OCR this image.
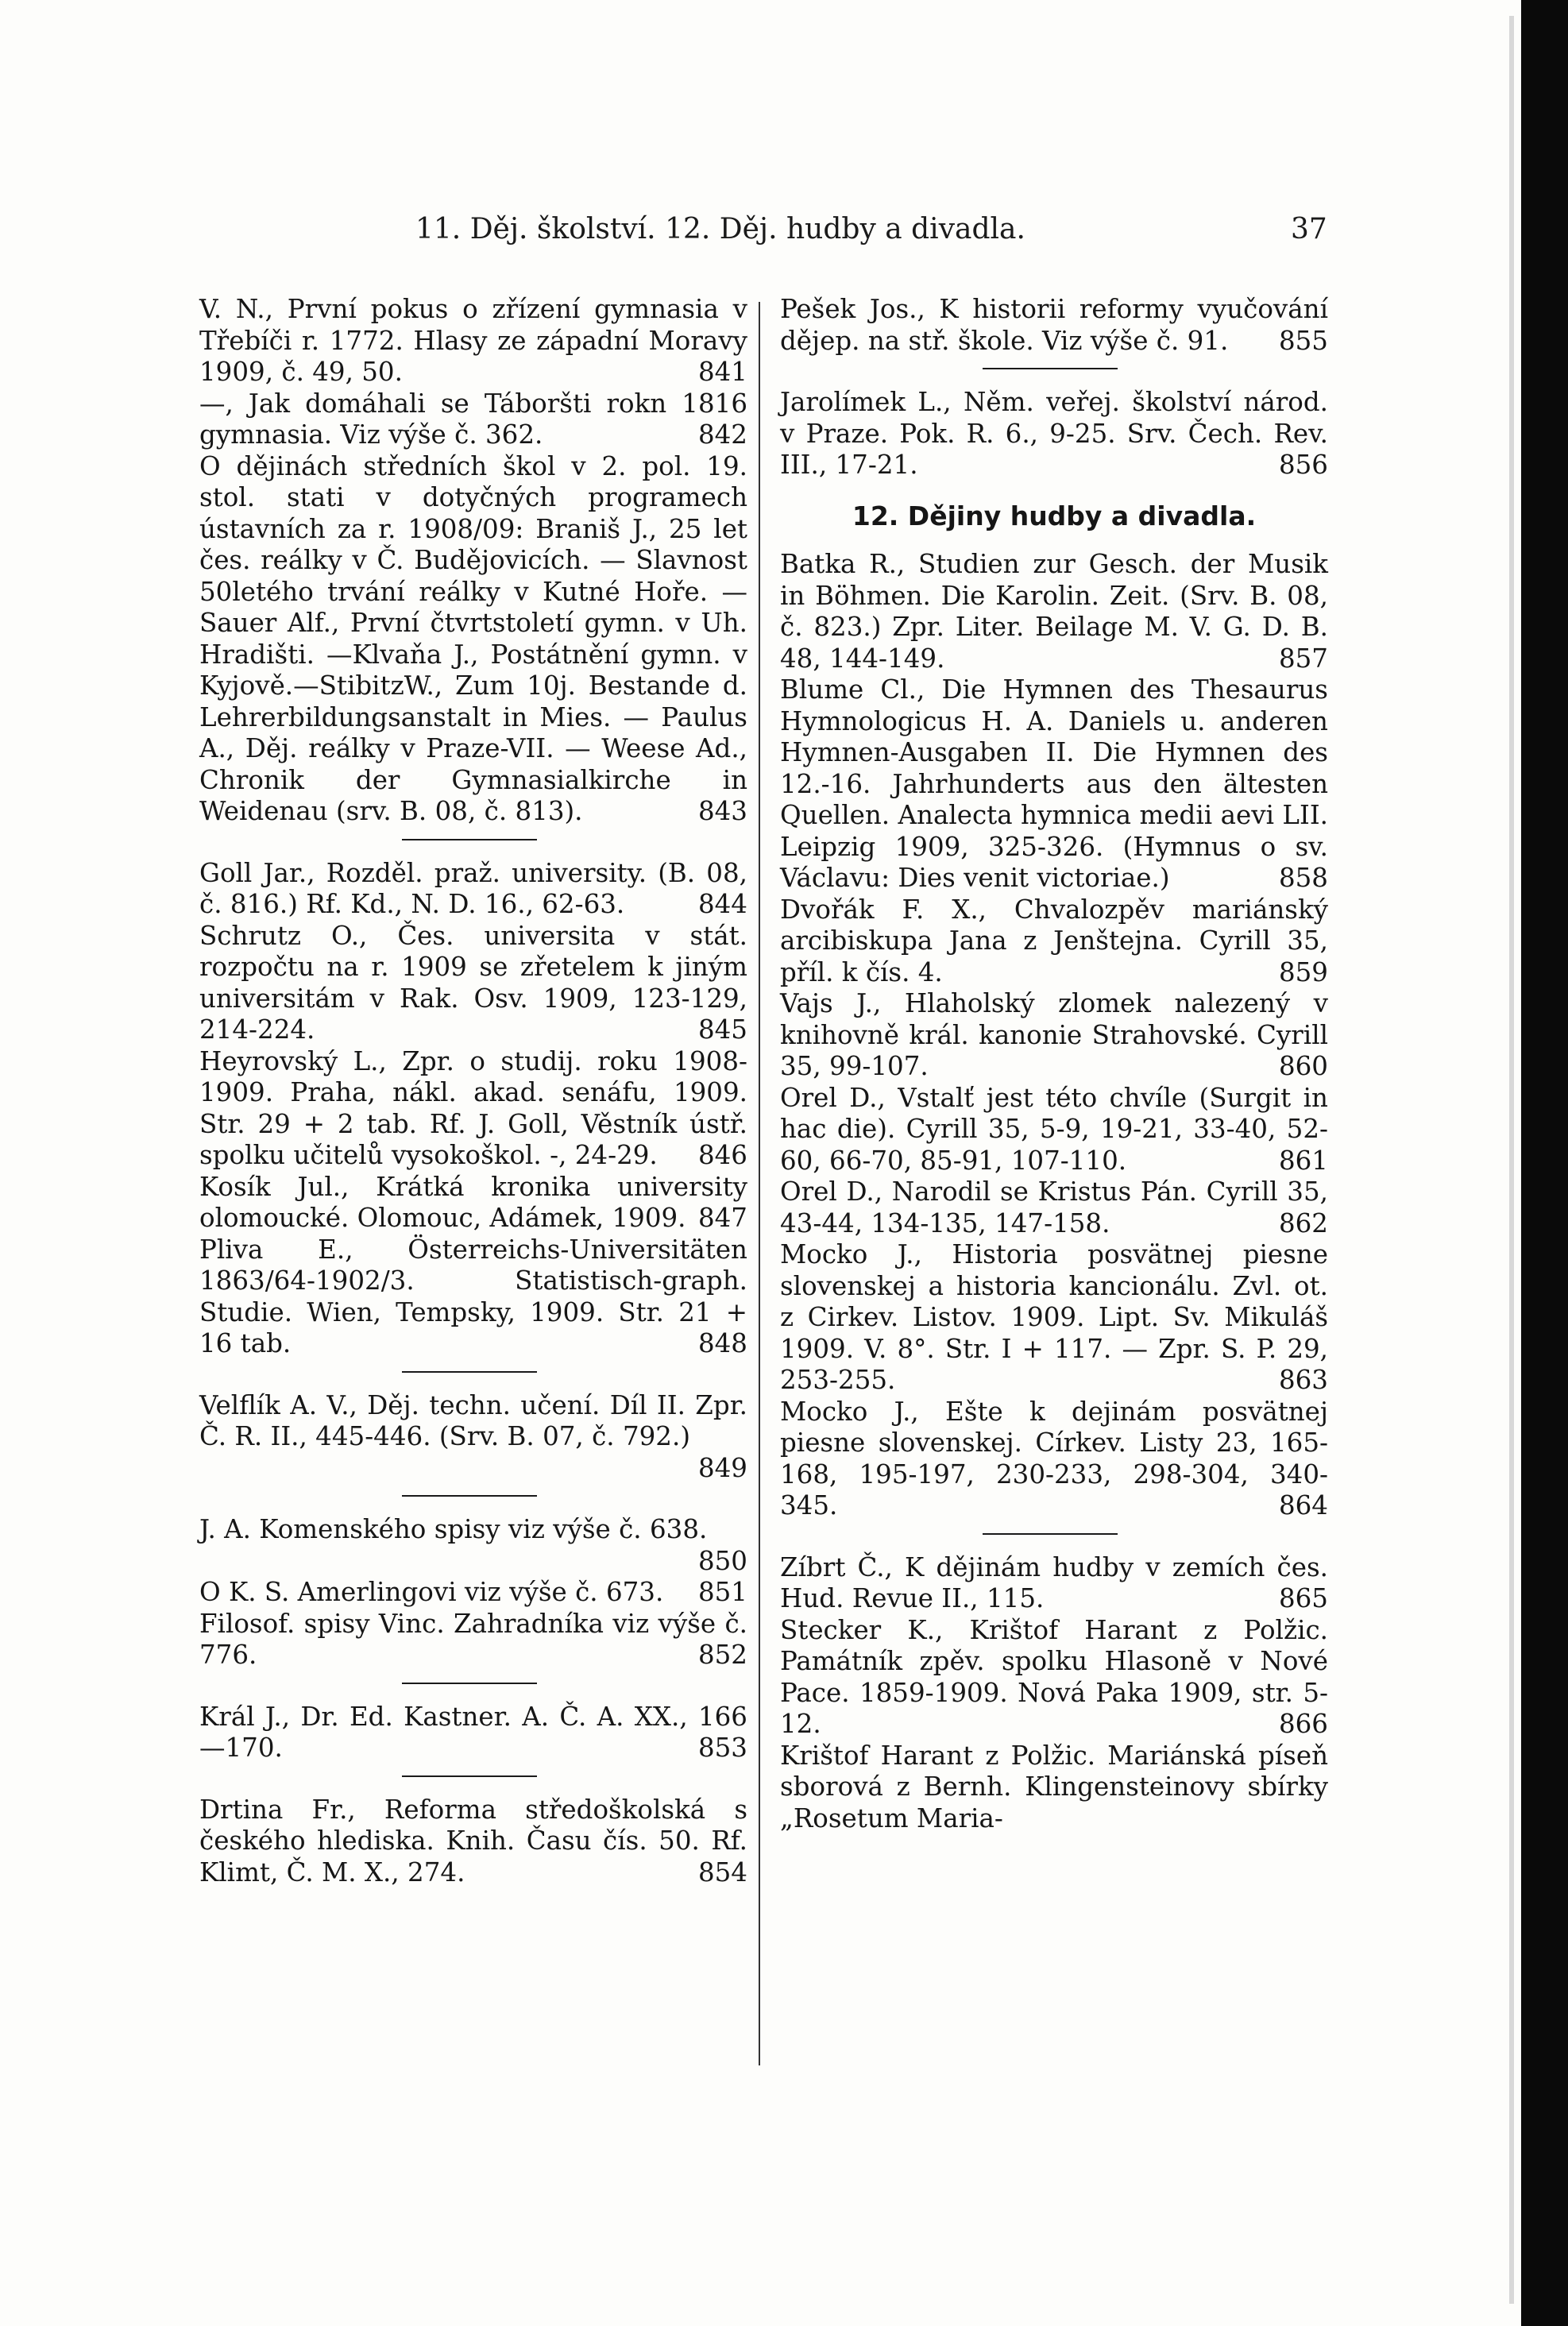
11. Děj. školství. 12. Děj. hudby a divadla.	37

V. N., První pokus o zřízení gymnasia v Třebíči r. 1772. Hlasy ze západní Moravy 1909, č. 49, 50.	841

—, Jak domáhali se Táboršti rokn 1816 gymnasia. Viz výše č. 362.	842

O dějinách středních škol v 2. pol. 19. stol. stati v dotyčných programech ústavních za r. 1908/09: Braniš J., 25 let čes. reálky v Č. Budějovicích. — Slavnost 50letého trvání reálky v Kutné Hoře. — Sauer Alf., První čtvrtstoletí gymn. v Uh. Hradišti. —Klvaňa J., Postátnění gymn. v Kyjově.—StibitzW., Zum 10j. Bestande d. Lehrerbildungsanstalt in Mies. — Paulus A., Děj. reálky v Praze-VII. — Weese Ad., Chronik der Gymnasialkirche in Weidenau (srv. B. 08, č. 813).	843

Goll Jar., Rozděl. praž. university. (B. 08, č. 816.) Rf. Kd., N. D. 16., 62-63.	844

Schrutz O., Čes. universita v stát. rozpočtu na r. 1909 se zřetelem k jiným universitám v Rak. Osv. 1909, 123-129, 214-224.	845

Heyrovský L., Zpr. o studij. roku 1908-1909. Praha, nákl. akad. senáfu, 1909. Str. 29 + 2 tab. Rf. J. Goll, Věstník ústř. spolku učitelů vysokoškol. -, 24-29.	846

Kosík Jul., Krátká kronika university olomoucké. Olomouc, Adámek, 1909. 847

Pliva E., Österreichs-Universitäten 1863/64-1902/3. Statistisch-graph. Studie. Wien, Tempsky, 1909. Str. 21 + 16 tab.	848

Velflík A. V., Děj. techn. učení. Díl II. Zpr. Č. R. II., 445-446. (Srv. B. 07, č. 792.)
849

J. A. Komenského spisy viz výše č. 638.
850

O K. S. Amerlingovi viz výše č. 673.	851

Filosof. spisy Vinc. Zahradníka viz výše č. 776.	852

Král J., Dr. Ed. Kastner. A. Č. A. XX., 166—170.	853

Drtina Fr., Reforma středoškolská s českého hlediska. Knih. Času čís. 50. Rf. Klimt, Č. M. X., 274.	854

Pešek Jos., K historii reformy vyučování dějep. na stř. škole. Viz výše č. 91.	855

Jarolímek L., Něm. veřej. školství národ. v Praze. Pok. R. 6., 9-25. Srv. Čech. Rev. III., 17-21.	856

12. Dějiny hudby a divadla.

Batka R., Studien zur Gesch. der Musik in Böhmen. Die Karolin. Zeit. (Srv. B. 08, č. 823.) Zpr. Liter. Beilage M. V. G. D. B. 48, 144-149.	857

Blume Cl., Die Hymnen des Thesaurus Hymnologicus H. A. Daniels u. anderen Hymnen-Ausgaben II. Die Hymnen des 12.-16. Jahrhunderts aus den ältesten Quellen. Analecta hymnica medii aevi LII. Leipzig 1909, 325-326. (Hymnus o sv. Václavu: Dies venit victoriae.)	858

Dvořák F. X., Chvalozpěv mariánský arcibiskupa Jana z Jenštejna. Cyrill 35, příl. k čís. 4.	859

Vajs J., Hlaholský zlomek nalezený v knihovně král. kanonie Strahovské. Cyrill 35, 99-107.	860

Orel D., Vstalť jest této chvíle (Surgit in hac die). Cyrill 35, 5-9, 19-21, 33-40, 52-60, 66-70, 85-91, 107-110.	861

Orel D., Narodil se Kristus Pán. Cyrill 35, 43-44, 134-135, 147-158.	862

Mocko J., Historia posvätnej piesne slovenskej a historia kancionálu. Zvl. ot. z Cirkev. Listov. 1909. Lipt. Sv. Mikuláš 1909. V. 8°. Str. I + 117. — Zpr. S. P. 29, 253-255.	863

Mocko J., Ešte k dejinám posvätnej piesne slovenskej. Církev. Listy 23, 165-168, 195-197, 230-233, 298-304, 340-345.	864

Zíbrt Č., K dějinám hudby v zemích čes. Hud. Revue II., 115.	865

Stecker K., Krištof Harant z Polžic. Památník zpěv. spolku Hlasoně v Nové Pace. 1859-1909. Nová Paka 1909, str. 5-12.	866

Krištof Harant z Polžic. Mariánská píseň sborová z Bernh. Klingensteinovy sbírky „Rosetum Maria-
